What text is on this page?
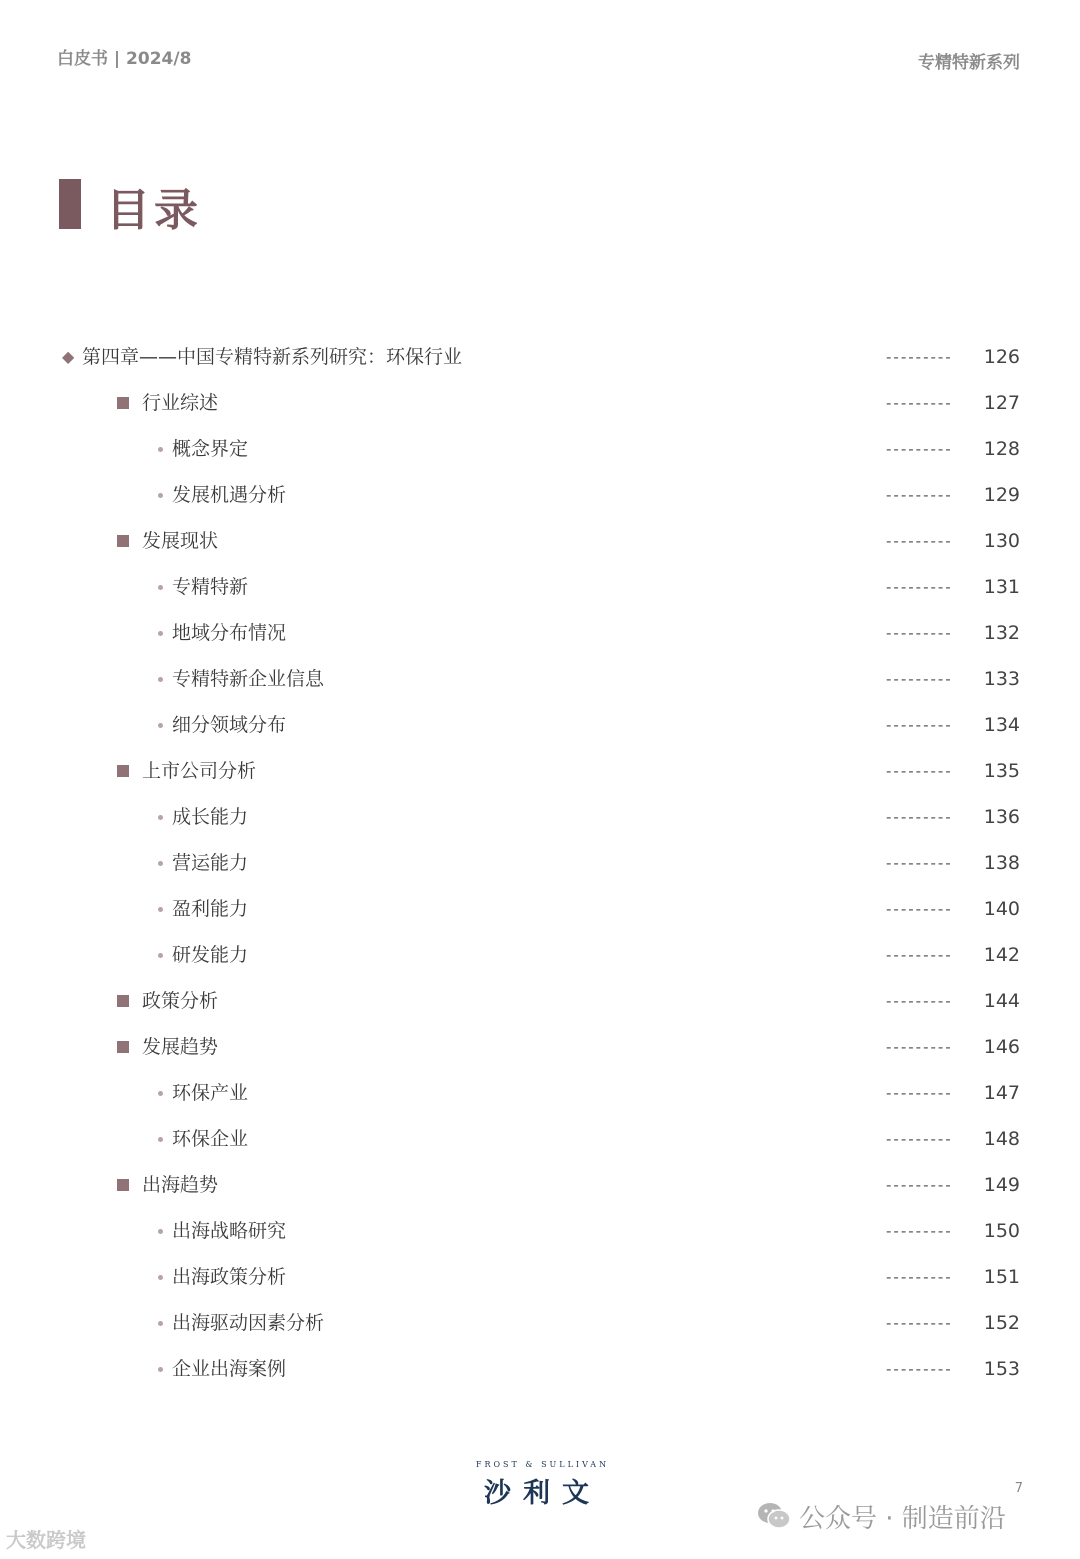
白皮书 | 2024/8	专精特新系列
目录
◆ 第四章——中国专精特新系列研究：环保行业	--------- 126
行业综述	--------- 127
概念界定	--------- 128
发展机遇分析	--------- 129
发展现状	--------- 130
专精特新	--------- 131
地域分布情况	--------- 132
专精特新企业信息	--------- 133
细分领域分布	--------- 134
上市公司分析	--------- 135
成长能力	--------- 136
营运能力	--------- 138
盈利能力	--------- 140
研发能力	--------- 142
政策分析	--------- 144
发展趋势	--------- 146
环保产业	--------- 147
环保企业	--------- 148
出海趋势	--------- 149
出海战略研究	--------- 150
出海政策分析	--------- 151
出海驱动因素分析	--------- 152
企业出海案例	--------- 153
FROST & SULLIVAN
沙利文	7
公众号 · 制造前沿
大数跨境
